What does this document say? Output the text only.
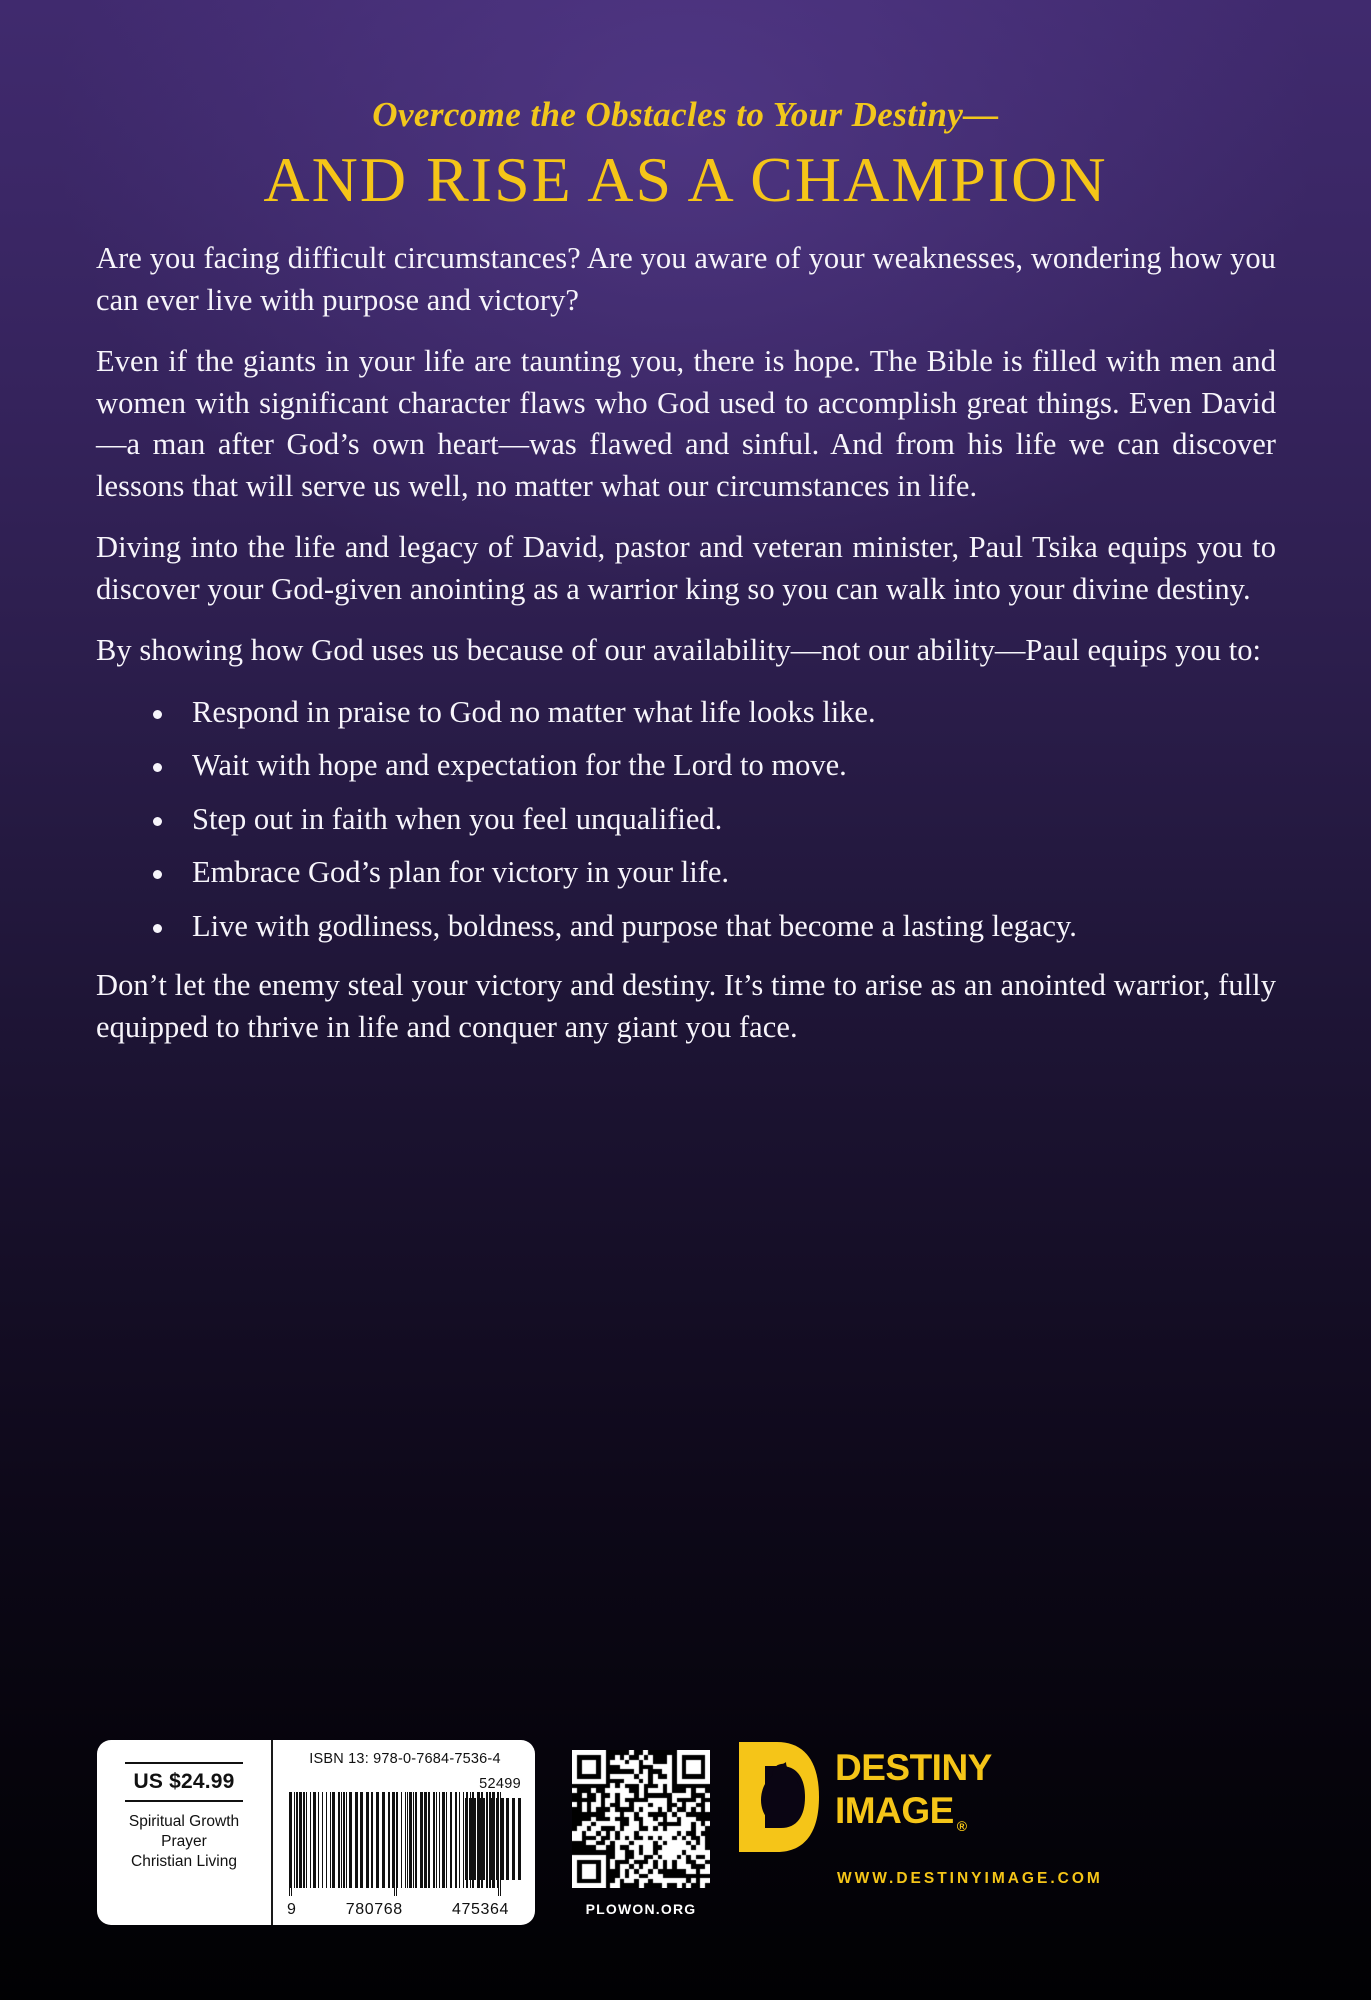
Overcome the Obstacles to Your Destiny—
AND RISE AS A CHAMPION

Are you facing difficult circumstances? Are you aware of your weaknesses, wondering how you can ever live with purpose and victory?

Even if the giants in your life are taunting you, there is hope. The Bible is filled with men and women with significant character flaws who God used to accomplish great things. Even David—a man after God’s own heart—was flawed and sinful. And from his life we can discover lessons that will serve us well, no matter what our circumstances in life.

Diving into the life and legacy of David, pastor and veteran minister, Paul Tsika equips you to discover your God-given anointing as a warrior king so you can walk into your divine destiny.

By showing how God uses us because of our availability—not our ability—Paul equips you to:

Respond in praise to God no matter what life looks like.
Wait with hope and expectation for the Lord to move.
Step out in faith when you feel unqualified.
Embrace God’s plan for victory in your life.
Live with godliness, boldness, and purpose that become a lasting legacy.

Don’t let the enemy steal your victory and destiny. It’s time to arise as an anointed warrior, fully equipped to thrive in life and conquer any giant you face.

US $24.99
Spiritual Growth
Prayer
Christian Living
ISBN 13: 978-0-7684-7536-4
52499
9	780768	475364	PLOWON.ORG
DESTINY
IMAGE $_®$
WWW.DESTINYIMAGE.COM
